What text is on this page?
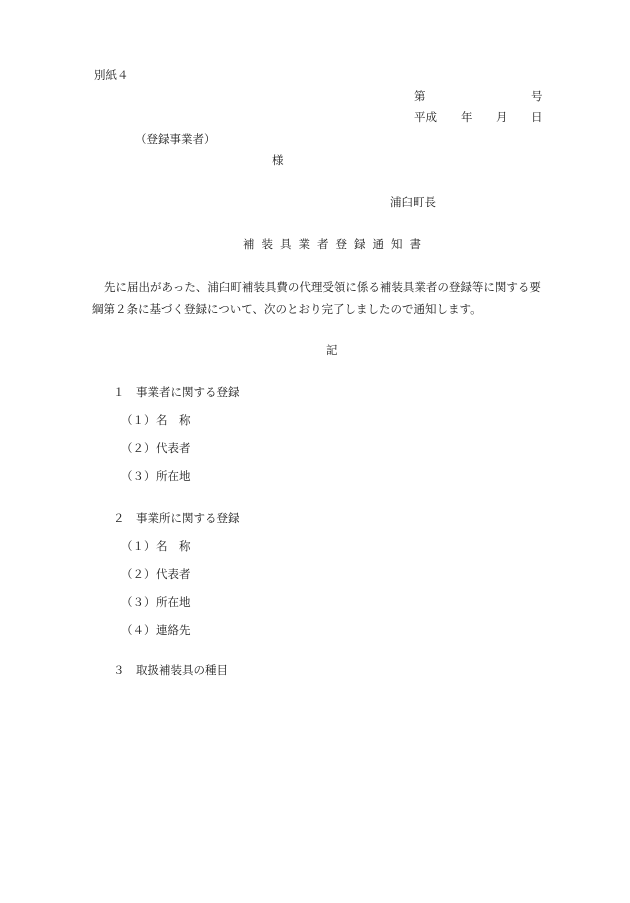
別紙４
第	号
平成 年 月 日
（登録事業者）
様
浦臼町長
補装具業者登録通知書
先に届出があった、浦臼町補装具費の代理受領に係る補装具業者の登録等に関する要
綱第２条に基づく登録について、次のとおり完了しましたので通知します。
記
１　事業者に関する登録
（１） 名　称
（２） 代表者
（３） 所在地
２　事業所に関する登録
（１） 名　称
（２） 代表者
（３） 所在地
（４） 連絡先
３　取扱補装具の種目
